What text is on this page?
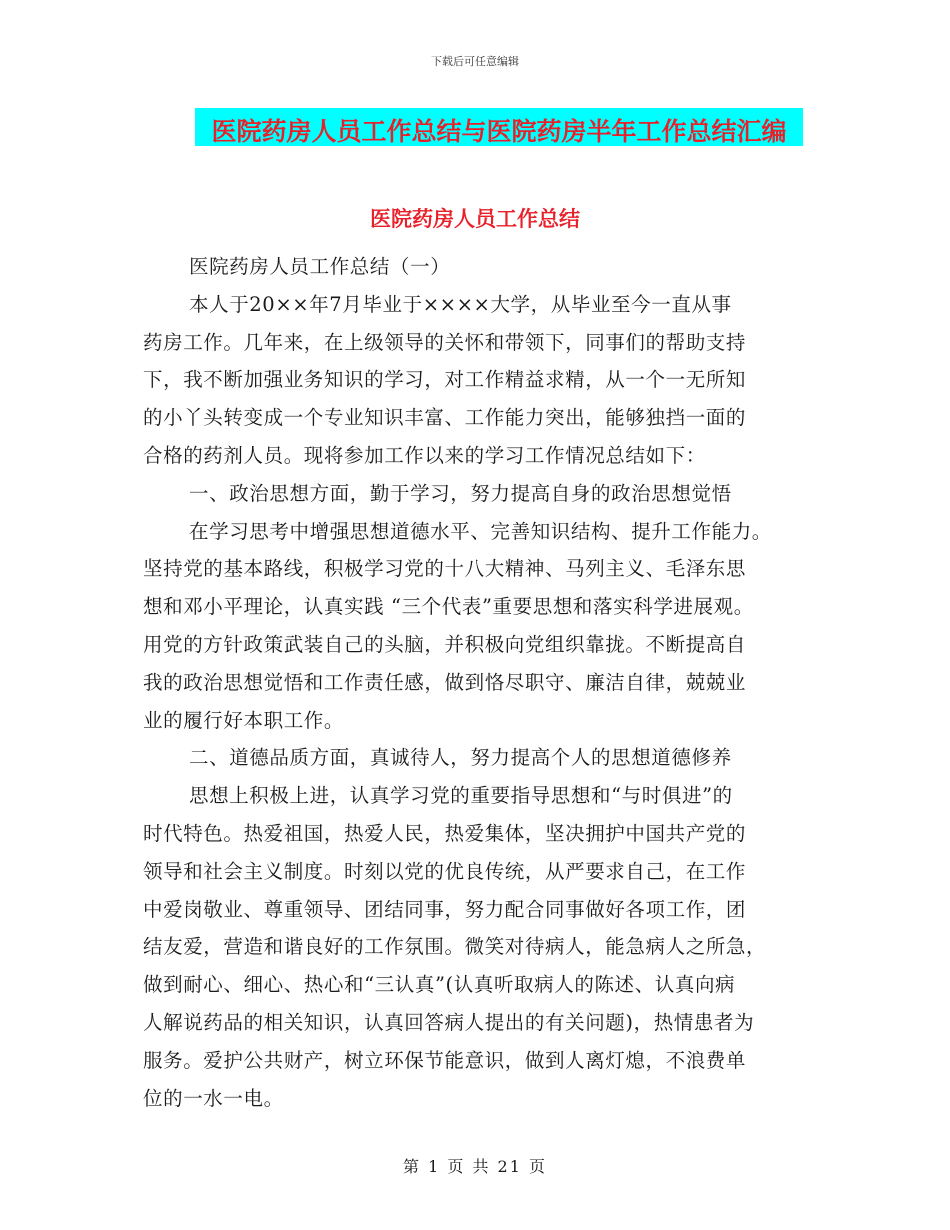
下载后可任意编辑
医院药房人员工作总结与医院药房半年工作总结汇编
医院药房人员工作总结
医院药房人员工作总结（一）
本人于20××年7月毕业于××××大学，从毕业至今一直从事
药房工作。几年来，在上级领导的关怀和带领下，同事们的帮助支持
下，我不断加强业务知识的学习，对工作精益求精，从一个一无所知
的小丫头转变成一个专业知识丰富、工作能力突出，能够独挡一面的
合格的药剂人员。现将参加工作以来的学习工作情况总结如下：
一、政治思想方面，勤于学习，努力提高自身的政治思想觉悟
在学习思考中增强思想道德水平、完善知识结构、提升工作能力。
坚持党的基本路线，积极学习党的十八大精神、马列主义、毛泽东思
想和邓小平理论，认真实践 “三个代表”重要思想和落实科学进展观。
用党的方针政策武装自己的头脑，并积极向党组织靠拢。不断提高自
我的政治思想觉悟和工作责任感，做到恪尽职守、廉洁自律，兢兢业
业的履行好本职工作。
二、道德品质方面，真诚待人，努力提高个人的思想道德修养
思想上积极上进，认真学习党的重要指导思想和“与时俱进”的
时代特色。热爱祖国，热爱人民，热爱集体，坚决拥护中国共产党的
领导和社会主义制度。时刻以党的优良传统，从严要求自己，在工作
中爱岗敬业、尊重领导、团结同事，努力配合同事做好各项工作，团
结友爱，营造和谐良好的工作氛围。微笑对待病人，能急病人之所急，
做到耐心、细心、热心和“三认真”(认真听取病人的陈述、认真向病
人解说药品的相关知识，认真回答病人提出的有关问题)，热情患者为
服务。爱护公共财产，树立环保节能意识，做到人离灯熄，不浪费单
位的一水一电。
第 1 页 共 21 页
